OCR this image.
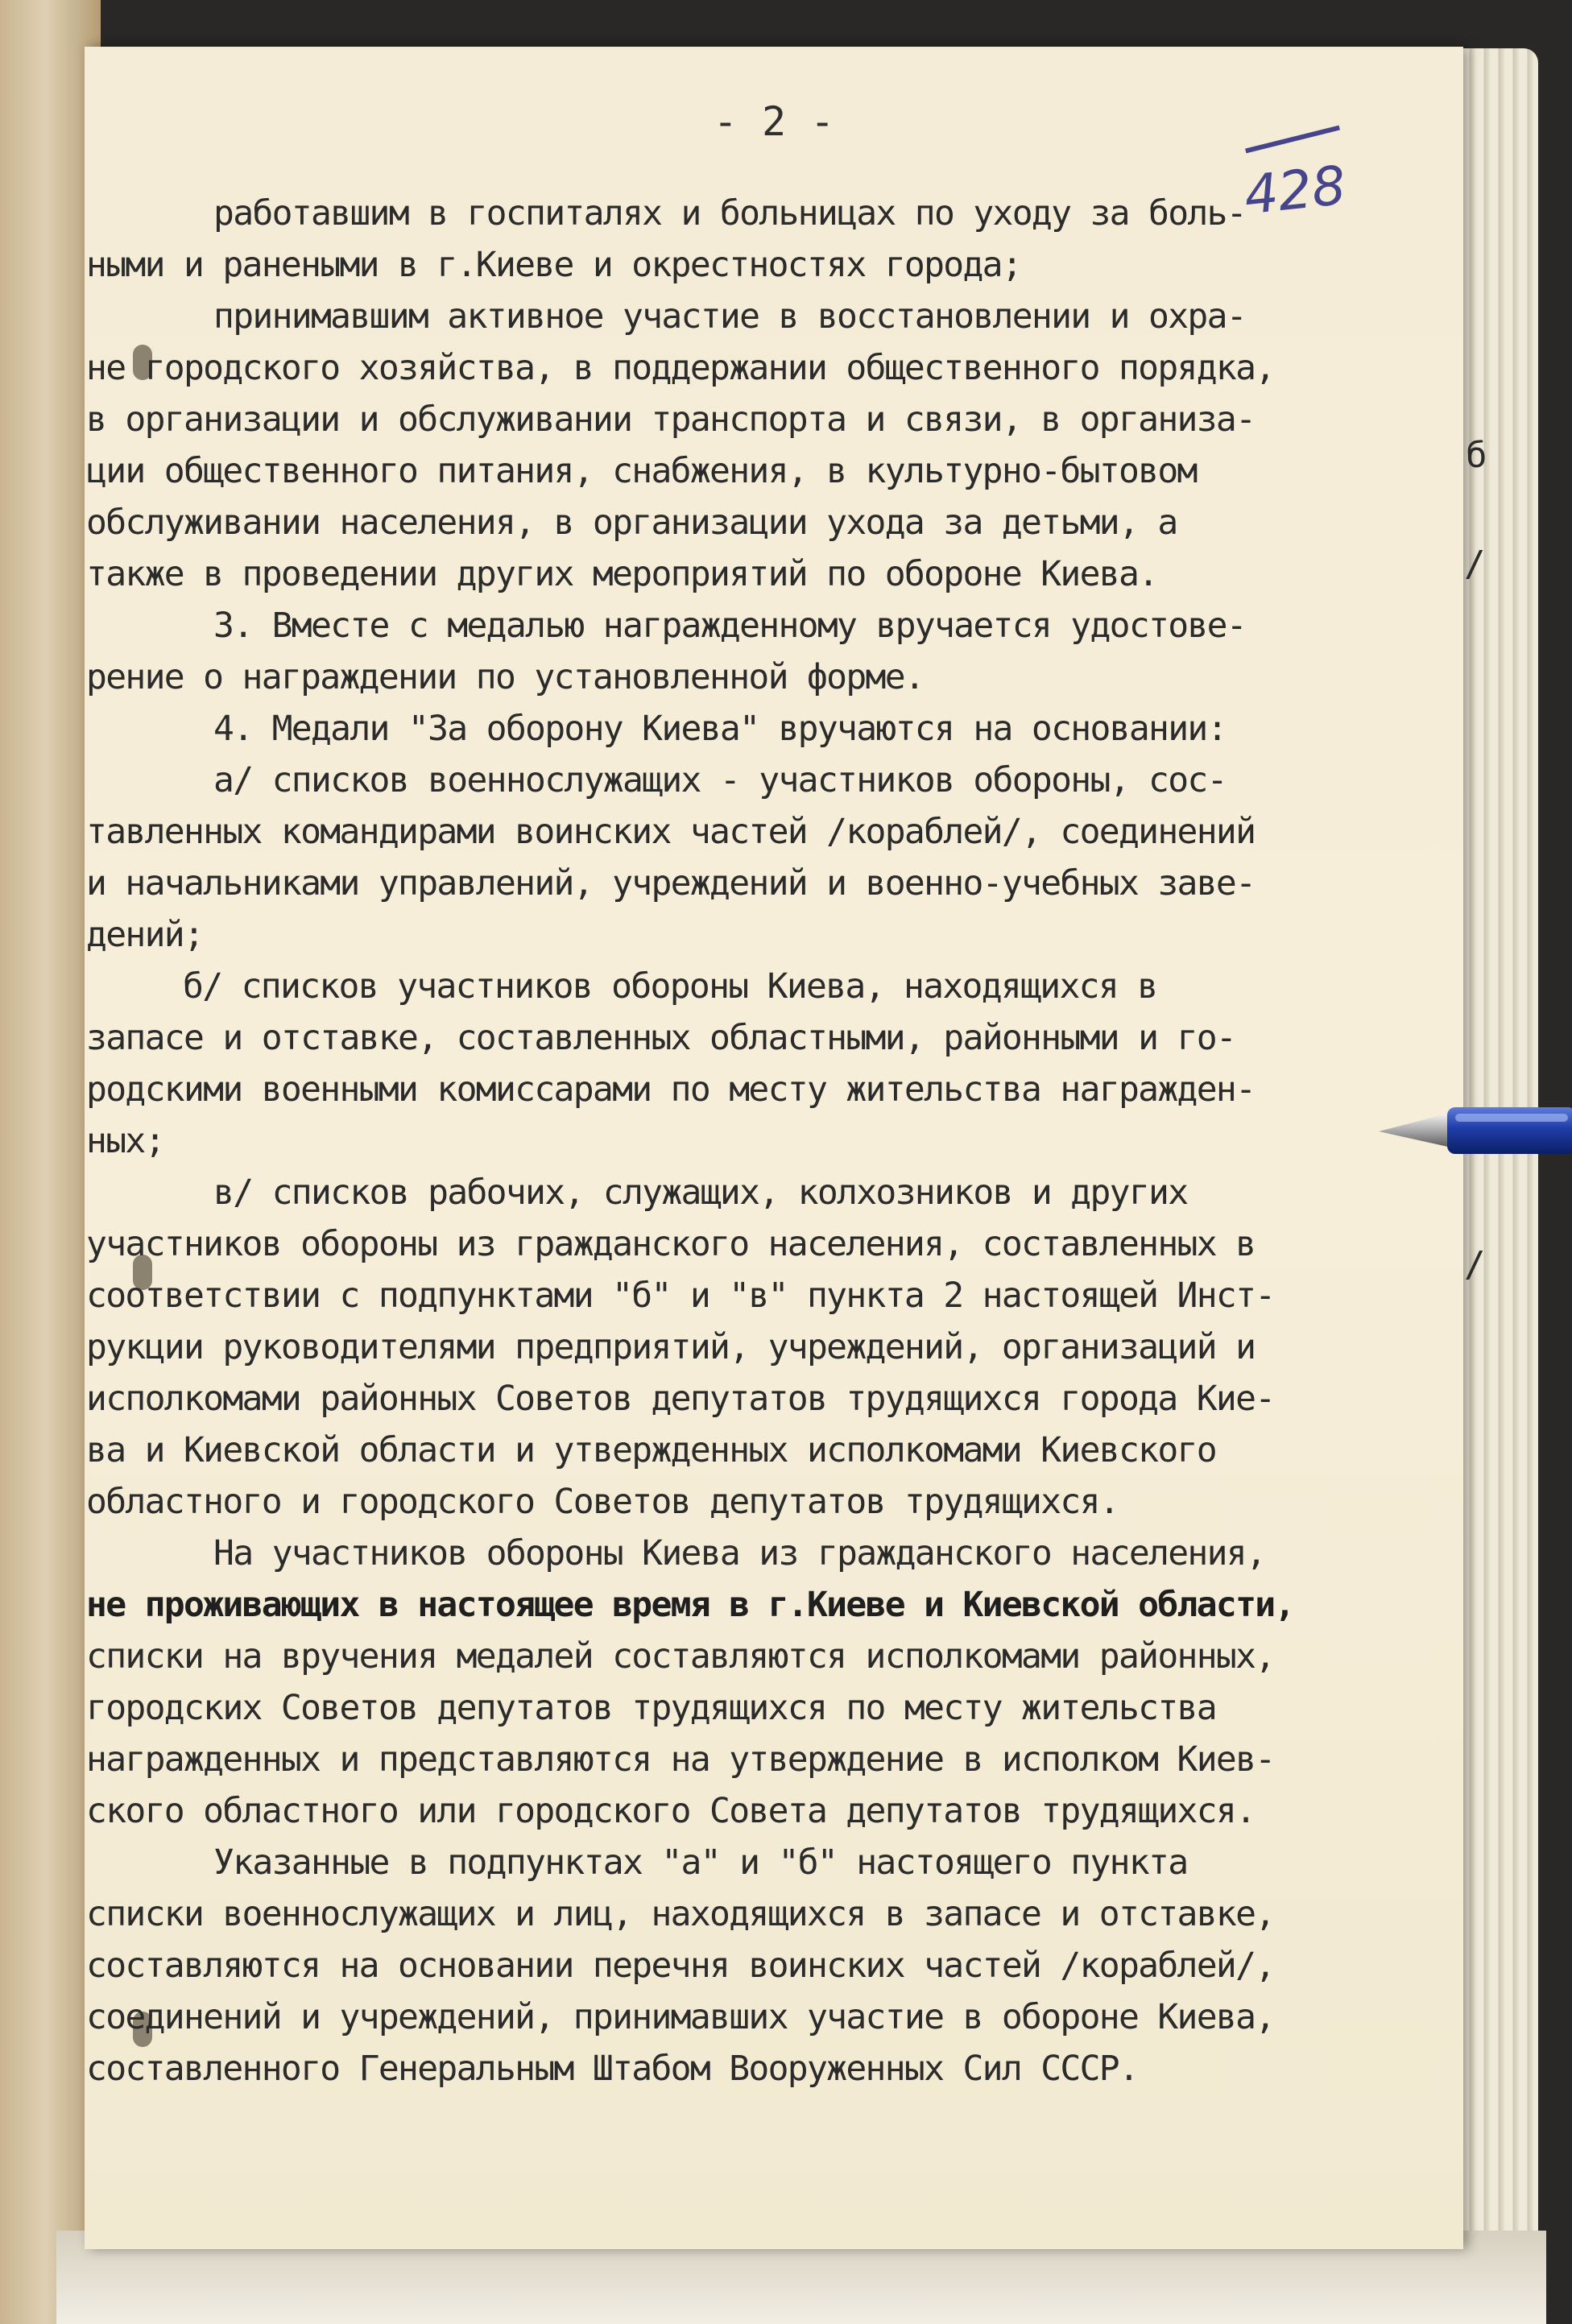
- 2 -
428
работавшим в госпиталях и больницах по уходу за боль-
ными и ранеными в г.Киеве и окрестностях города;
принимавшим активное участие в восстановлении и охра-
не городского хозяйства, в поддержании общественного порядка,
в организации и обслуживании транспорта и связи, в организа-
ции общественного питания, снабжения, в культурно-бытовом
обслуживании населения, в организации ухода за детьми, а
также в проведении других мероприятий по обороне Киева.
3. Вместе с медалью награжденному вручается удостове-
рение о награждении по установленной форме.
4. Медали "За оборону Киева" вручаются на основании:
а/ списков военнослужащих - участников обороны, сос-
тавленных командирами воинских частей /кораблей/, соединений
и начальниками управлений, учреждений и военно-учебных заве-
дений;
б/ списков участников обороны Киева, находящихся в
запасе и отставке, составленных областными, районными и го-
родскими военными комиссарами по месту жительства награжден-
ных;
в/ списков рабочих, служащих, колхозников и других
участников обороны из гражданского населения, составленных в
соответствии с подпунктами "б" и "в" пункта 2 настоящей Инст-
рукции руководителями предприятий, учреждений, организаций и
исполкомами районных Советов депутатов трудящихся города Кие-
ва и Киевской области и утвержденных исполкомами Киевского
областного и городского Советов депутатов трудящихся.
На участников обороны Киева из гражданского населения,
не проживающих в настоящее время в г.Киеве и Киевской области,
списки на вручения медалей составляются исполкомами районных,
городских Советов депутатов трудящихся по месту жительства
награжденных и представляются на утверждение в исполком Киев-
ского областного или городского Совета депутатов трудящихся.
Указанные в подпунктах "а" и "б" настоящего пункта
списки военнослужащих и лиц, находящихся в запасе и отставке,
составляются на основании перечня воинских частей /кораблей/,
соединений и учреждений, принимавших участие в обороне Киева,
составленного Генеральным Штабом Вооруженных Сил СССР.
б
/
/
